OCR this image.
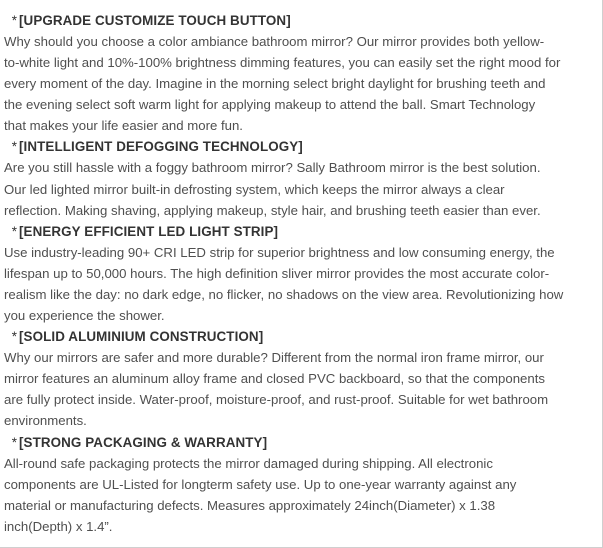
* [UPGRADE CUSTOMIZE TOUCH BUTTON]
Why should you choose a color ambiance bathroom mirror? Our mirror provides both yellow-
to-white light and 10%-100% brightness dimming features, you can easily set the right mood for
every moment of the day. Imagine in the morning select bright daylight for brushing teeth and
the evening select soft warm light for applying makeup to attend the ball. Smart Technology
that makes your life easier and more fun.
* [INTELLIGENT DEFOGGING TECHNOLOGY]
Are you still hassle with a foggy bathroom mirror? Sally Bathroom mirror is the best solution.
Our led lighted mirror built-in defrosting system, which keeps the mirror always a clear
reflection. Making shaving, applying makeup, style hair, and brushing teeth easier than ever.
* [ENERGY EFFICIENT LED LIGHT STRIP]
Use industry-leading 90+ CRI LED strip for superior brightness and low consuming energy, the
lifespan up to 50,000 hours. The high definition sliver mirror provides the most accurate color-
realism like the day: no dark edge, no flicker, no shadows on the view area. Revolutionizing how
you experience the shower.
* [SOLID ALUMINIUM CONSTRUCTION]
Why our mirrors are safer and more durable? Different from the normal iron frame mirror, our
mirror features an aluminum alloy frame and closed PVC backboard, so that the components
are fully protect inside. Water-proof, moisture-proof, and rust-proof. Suitable for wet bathroom
environments.
* [STRONG PACKAGING & WARRANTY]
All-round safe packaging protects the mirror damaged during shipping. All electronic
components are UL-Listed for longterm safety use. Up to one-year warranty against any
material or manufacturing defects. Measures approximately 24inch(Diameter) x 1.38
inch(Depth) x 1.4”.
